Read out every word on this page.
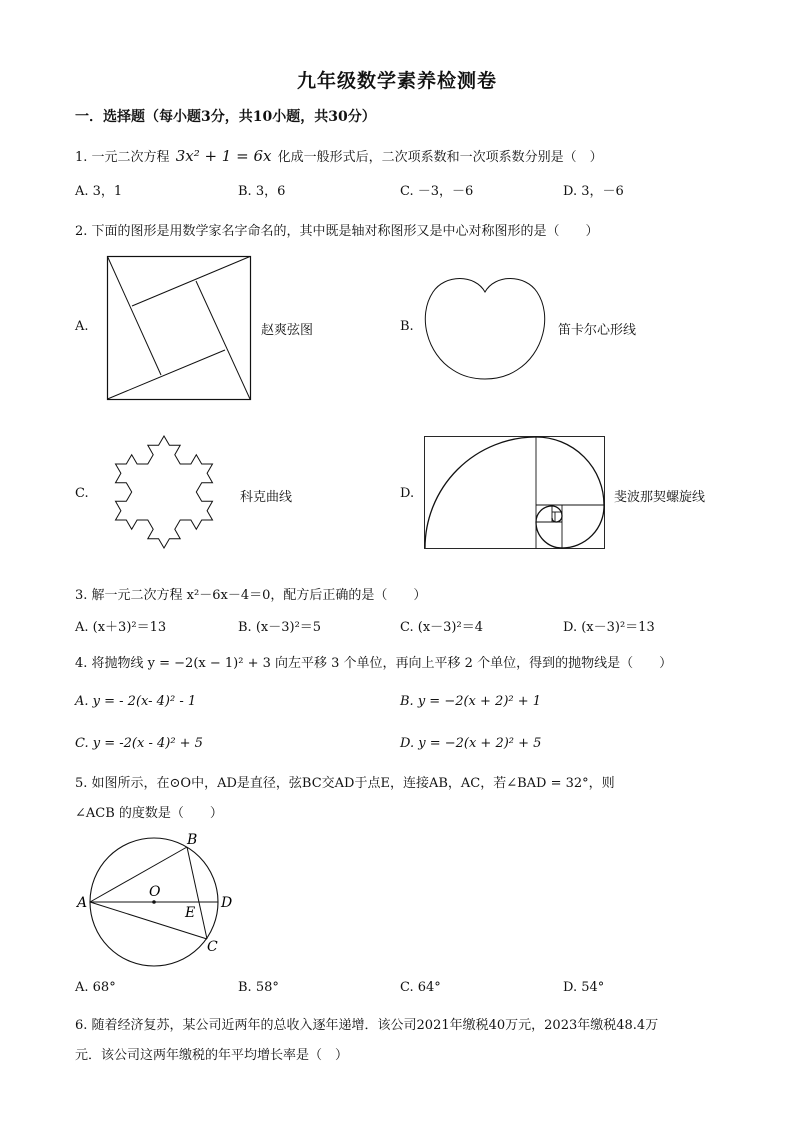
九年级数学素养检测卷
一．选择题（每小题3分，共10小题，共30分）
1. 一元二次方程 3x² + 1 = 6x 化成一般形式后，二次项系数和一次项系数分别是（　）
A. 3，1	B. 3，6	C. －3，－6	D. 3，－6
2. 下面的图形是用数学家名字命名的，其中既是轴对称图形又是中心对称图形的是（　　）
A.	赵爽弦图	B.	笛卡尔心形线
C.	科克曲线	D.	斐波那契螺旋线
3. 解一元二次方程 x²－6x－4＝0，配方后正确的是（　　）
A. (x＋3)²＝13	B. (x－3)²＝5	C. (x－3)²＝4	D. (x－3)²＝13
4. 将抛物线 y = −2(x − 1)² + 3 向左平移 3 个单位，再向上平移 2 个单位，得到的抛物线是（　　）
A. y = - 2(x- 4)² - 1	B. y = −2(x + 2)² + 1
C. y = -2(x - 4)² + 5	D. y = −2(x + 2)² + 5
5. 如图所示，在⊙O中，AD是直径，弦BC交AD于点E，连接AB，AC，若∠BAD = 32°，则
∠ACB 的度数是（　　）
A
B
O
E
D
C
A. 68°	B. 58°	C. 64°	D. 54°
6. 随着经济复苏，某公司近两年的总收入逐年递增．该公司2021年缴税40万元，2023年缴税48.4万
元．该公司这两年缴税的年平均增长率是（　）
